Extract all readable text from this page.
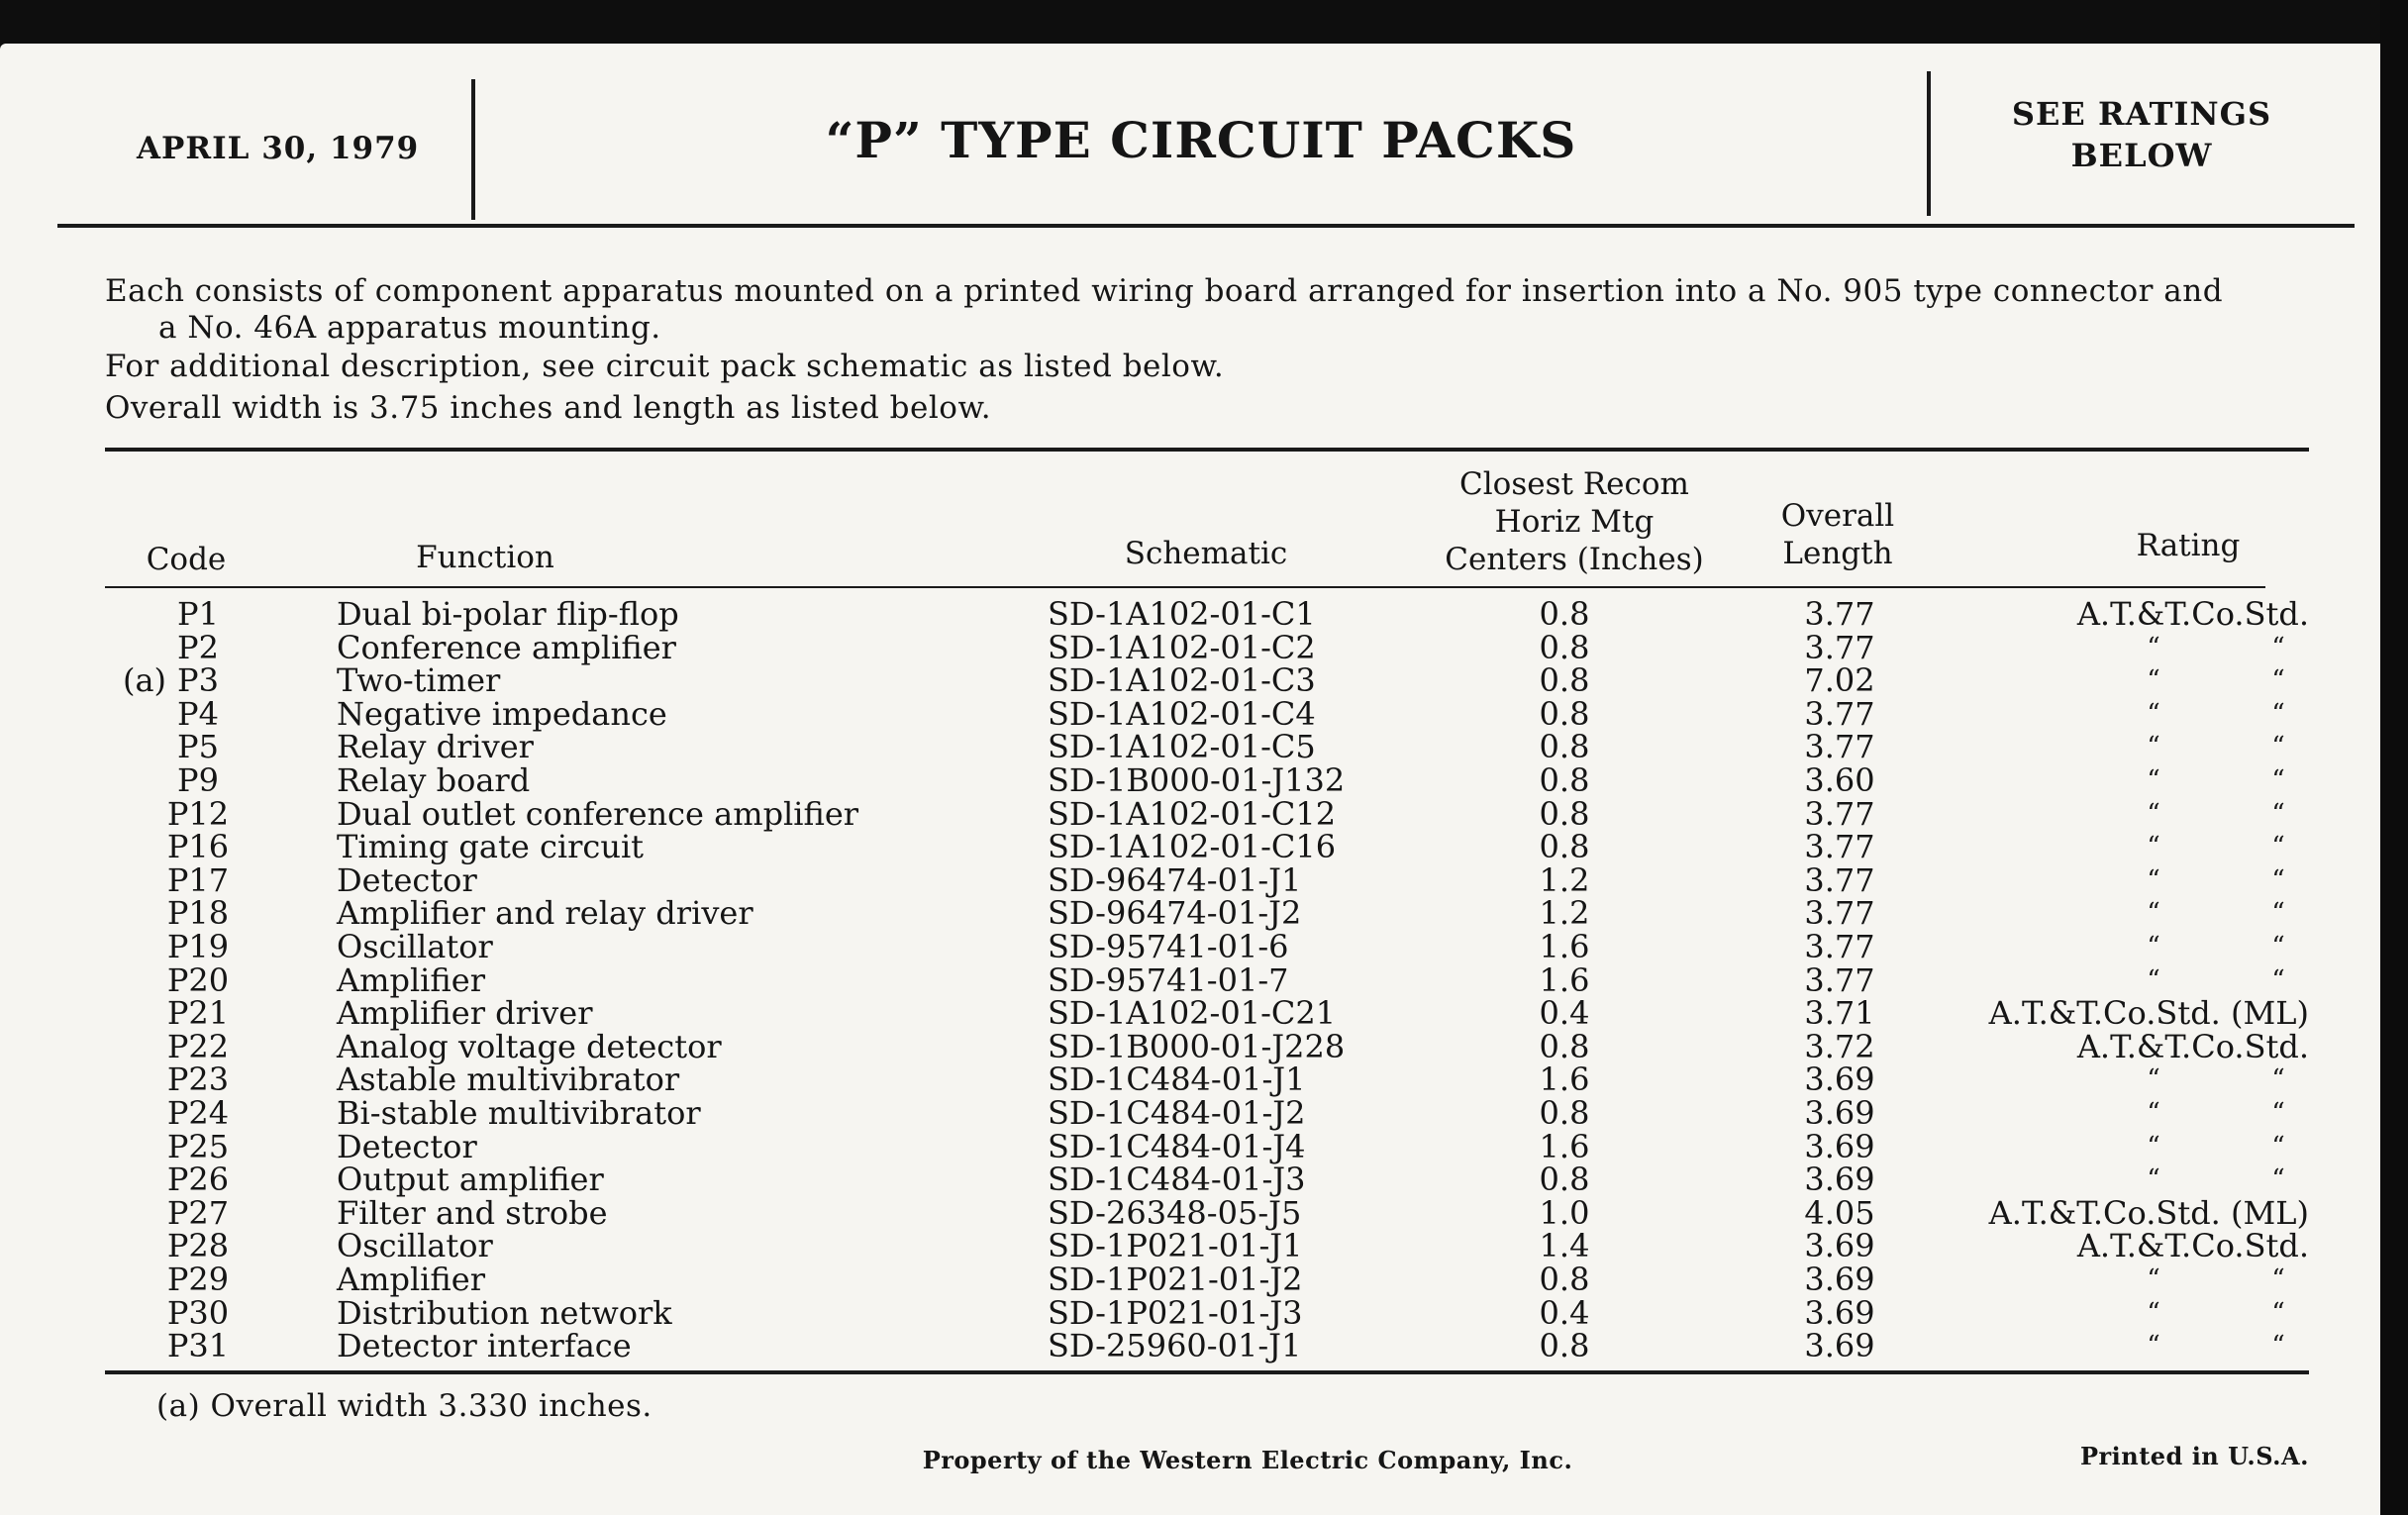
APRIL 30, 1979	“P” TYPE CIRCUIT PACKS	SEE RATINGS
BELOW
Each consists of component apparatus mounted on a printed wiring board arranged for insertion into a No. 905 type connector and
a No. 46A apparatus mounting.
For additional description, see circuit pack schematic as listed below.
Overall width is 3.75 inches and length as listed below.
Code	Function	Schematic
Closest Recom
Horiz Mtg
Centers (Inches)
Overall
Length	Rating
P1	Dual bi-polar flip-flop	SD-1A102-01-C1	0.8	3.77	A.T.&T.Co.Std.
P2	Conference amplifier	SD-1A102-01-C2	0.8	3.77	“	“
(a) P3	Two-timer	SD-1A102-01-C3	0.8	7.02	“	“
P4	Negative impedance	SD-1A102-01-C4	0.8	3.77	“	“
P5	Relay driver	SD-1A102-01-C5	0.8	3.77	“	“
P9	Relay board	SD-1B000-01-J132	0.8	3.60	“	“
P12	Dual outlet conference amplifier	SD-1A102-01-C12	0.8	3.77	“	“
P16	Timing gate circuit	SD-1A102-01-C16	0.8	3.77	“	“
P17	Detector	SD-96474-01-J1	1.2	3.77	“	“
P18	Amplifier and relay driver	SD-96474-01-J2	1.2	3.77	“	“
P19	Oscillator	SD-95741-01-6	1.6	3.77	“	“
P20	Amplifier	SD-95741-01-7	1.6	3.77	“	“
P21	Amplifier driver	SD-1A102-01-C21	0.4	3.71	A.T.&T.Co.Std. (ML)
P22	Analog voltage detector	SD-1B000-01-J228	0.8	3.72	A.T.&T.Co.Std.
P23	Astable multivibrator	SD-1C484-01-J1	1.6	3.69	“	“
P24	Bi-stable multivibrator	SD-1C484-01-J2	0.8	3.69	“	“
P25	Detector	SD-1C484-01-J4	1.6	3.69	“	“
P26	Output amplifier	SD-1C484-01-J3	0.8	3.69	“	“
P27	Filter and strobe	SD-26348-05-J5	1.0	4.05	A.T.&T.Co.Std. (ML)
P28	Oscillator	SD-1P021-01-J1	1.4	3.69	A.T.&T.Co.Std.
P29	Amplifier	SD-1P021-01-J2	0.8	3.69	“	“
P30	Distribution network	SD-1P021-01-J3	0.4	3.69	“	“
P31	Detector interface	SD-25960-01-J1	0.8	3.69	“	“
(a) Overall width 3.330 inches.
Property of the Western Electric Company, Inc.	Printed in U.S.A.
